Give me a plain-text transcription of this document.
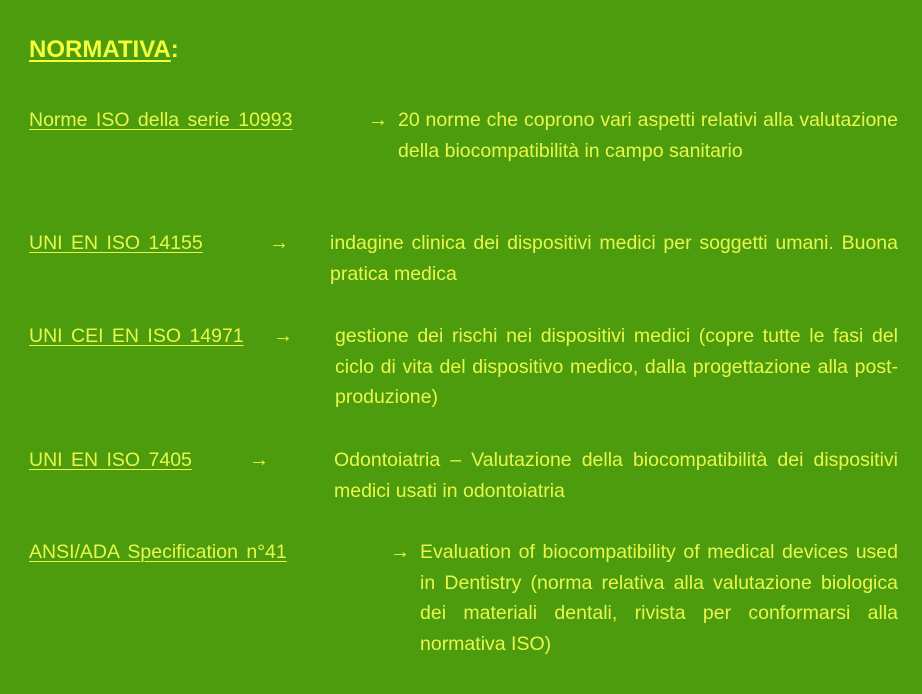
NORMATIVA:
Norme ISO della serie 10993	→ 20 norme che coprono vari aspetti relativi alla valutazione della biocompatibilità in campo sanitario

UNI EN ISO 14155	→ indagine clinica dei dispositivi medici per soggetti umani. Buona pratica medica

UNI CEI EN ISO 14971 → gestione dei rischi nei dispositivi medici (copre tutte le fasi del ciclo di vita del dispositivo medico, dalla progettazione alla post-produzione)

UNI EN ISO 7405	→	Odontoiatria – Valutazione della biocompatibilità dei dispositivi medici usati in odontoiatria

ANSI/ADA Specification n°41	→ Evaluation of biocompatibility of medical devices used in Dentistry (norma relativa alla valutazione biologica dei materiali dentali, rivista per conformarsi alla normativa ISO)
